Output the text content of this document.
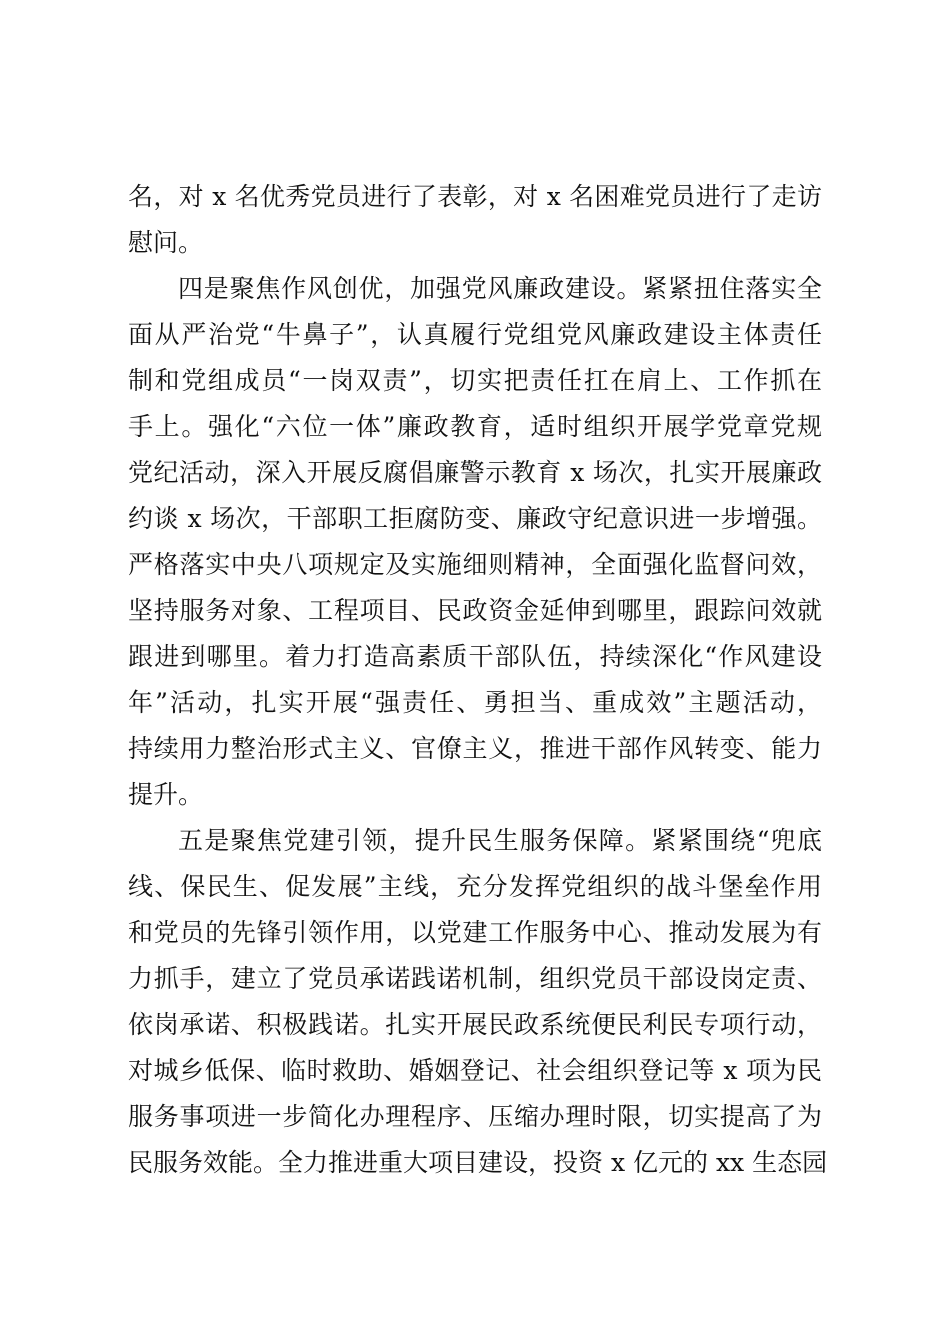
名，对 x 名优秀党员进行了表彰，对 x 名困难党员进行了走访
慰问。
四是聚焦作风创优，加强党风廉政建设。紧紧扭住落实全
面从严治党“牛鼻子”，认真履行党组党风廉政建设主体责任
制和党组成员“一岗双责”，切实把责任扛在肩上、工作抓在
手上。强化“六位一体”廉政教育，适时组织开展学党章党规
党纪活动，深入开展反腐倡廉警示教育 x 场次，扎实开展廉政
约谈 x 场次，干部职工拒腐防变、廉政守纪意识进一步增强。
严格落实中央八项规定及实施细则精神，全面强化监督问效，
坚持服务对象、工程项目、民政资金延伸到哪里，跟踪问效就
跟进到哪里。着力打造高素质干部队伍，持续深化“作风建设
年”活动，扎实开展“强责任、勇担当、重成效”主题活动，
持续用力整治形式主义、官僚主义，推进干部作风转变、能力
提升。
五是聚焦党建引领，提升民生服务保障。紧紧围绕“兜底
线、保民生、促发展”主线，充分发挥党组织的战斗堡垒作用
和党员的先锋引领作用，以党建工作服务中心、推动发展为有
力抓手，建立了党员承诺践诺机制，组织党员干部设岗定责、
依岗承诺、积极践诺。扎实开展民政系统便民利民专项行动，
对城乡低保、临时救助、婚姻登记、社会组织登记等 x 项为民
服务事项进一步简化办理程序、压缩办理时限，切实提高了为
民服务效能。全力推进重大项目建设，投资 x 亿元的 xx 生态园
